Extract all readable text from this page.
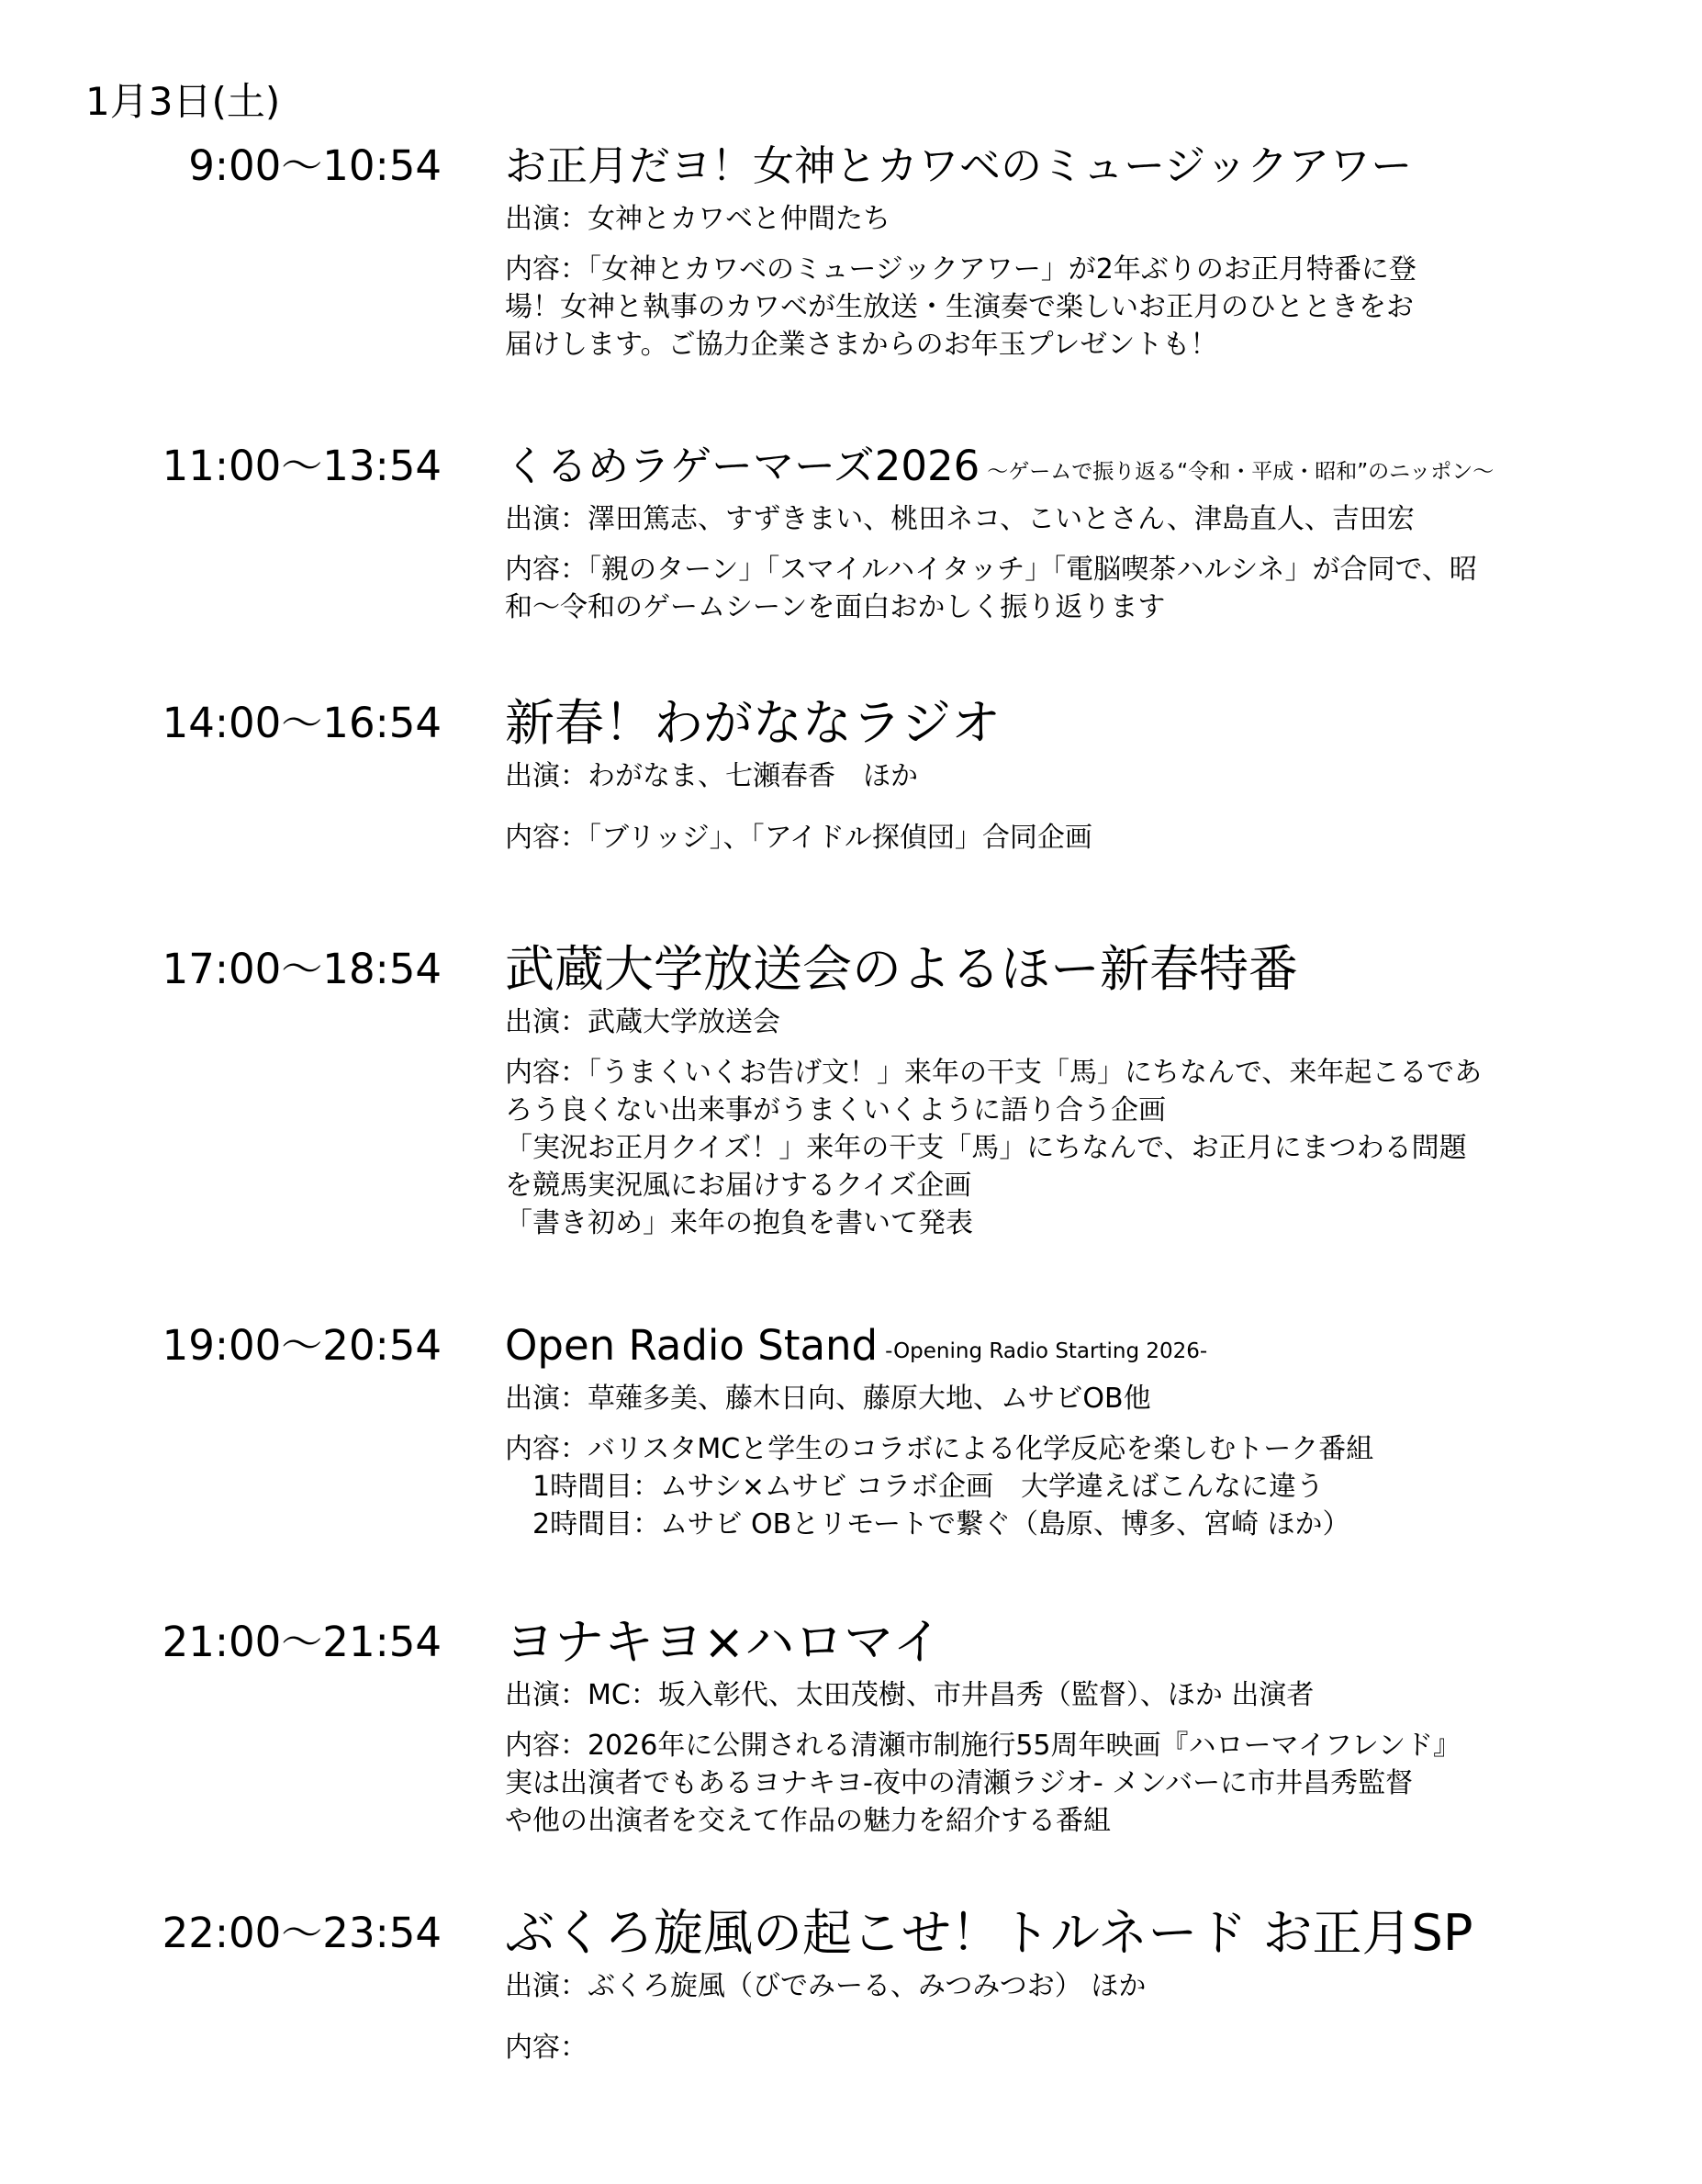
1月3日(土)
9:00〜10:54 お正月だヨ！女神とカワベのミュージックアワー
出演：女神とカワベと仲間たち
内容：「女神とカワベのミュージックアワー」が2年ぶりのお正月特番に登
場！女神と執事のカワベが生放送・生演奏で楽しいお正月のひとときをお
届けします。ご協力企業さまからのお年玉プレゼントも！
11:00〜13:54 くるめラゲーマーズ2026 〜ゲームで振り返る“令和・平成・昭和”のニッポン〜
出演：澤田篤志、すずきまい、桃田ネコ、こいとさん、津島直人、吉田宏
内容：「親のターン」「スマイルハイタッチ」「電脳喫茶ハルシネ」が合同で、昭
和〜令和のゲームシーンを面白おかしく振り返ります
14:00〜16:54 新春！わがななラジオ
出演：わがなま、七瀬春香　ほか
内容：「ブリッジ」、「アイドル探偵団」合同企画
17:00〜18:54 武蔵大学放送会のよるほー新春特番
出演：武蔵大学放送会
内容：「うまくいくお告げ文！」来年の干支「馬」にちなんで、来年起こるであ
ろう良くない出来事がうまくいくように語り合う企画
「実況お正月クイズ！」来年の干支「馬」にちなんで、お正月にまつわる問題
を競馬実況風にお届けするクイズ企画
「書き初め」来年の抱負を書いて発表
19:00〜20:54 Open Radio Stand -Opening Radio Starting 2026-
出演：草薙多美、藤木日向、藤原大地、ムサビOB他
内容：バリスタMCと学生のコラボによる化学反応を楽しむトーク番組
　1時間目：ムサシ×ムサビ コラボ企画　大学違えばこんなに違う
　2時間目：ムサビ OBとリモートで繋ぐ（島原、博多、宮崎 ほか）
21:00〜21:54 ヨナキヨ×ハロマイ
出演：MC：坂入彰代、太田茂樹、市井昌秀（監督）、ほか 出演者
内容：2026年に公開される清瀬市制施行55周年映画『ハローマイフレンド』
実は出演者でもあるヨナキヨ-夜中の清瀬ラジオ- メンバーに市井昌秀監督
や他の出演者を交えて作品の魅力を紹介する番組
22:00〜23:54 ぶくろ旋風の起こせ！トルネード お正月SP
出演：ぶくろ旋風（びでみーる、みつみつお） ほか
内容：
